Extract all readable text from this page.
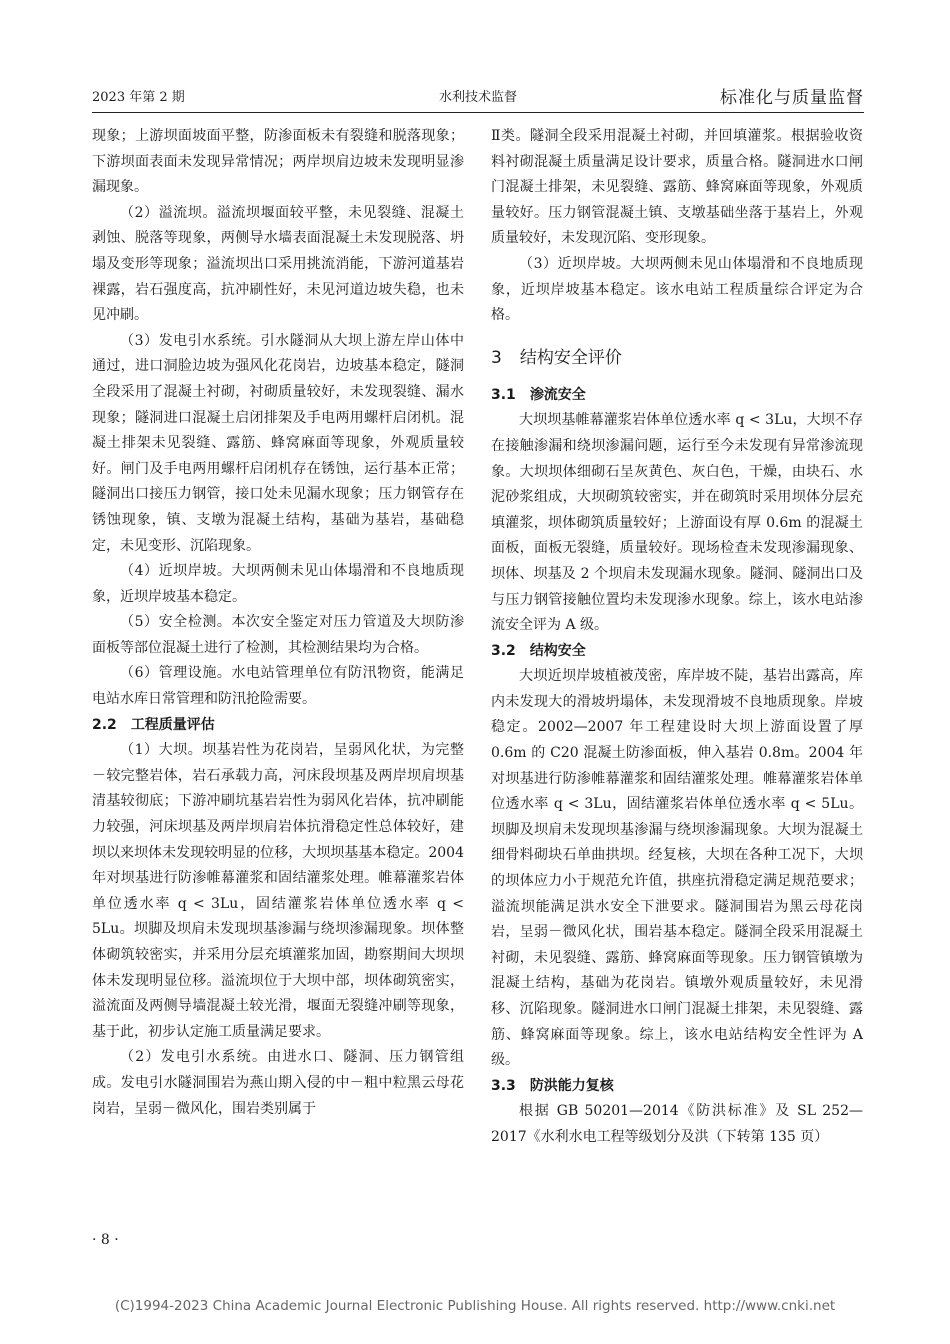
2023 年第 2 期	水利技术监督	标准化与质量监督

现象；上游坝面坡面平整，防渗面板未有裂缝和脱落现象；下游坝面表面未发现异常情况；两岸坝肩边坡未发现明显渗漏现象。

（2）溢流坝。溢流坝堰面较平整，未见裂缝、混凝土剥蚀、脱落等现象，两侧导水墙表面混凝土未发现脱落、坍塌及变形等现象；溢流坝出口采用挑流消能，下游河道基岩裸露，岩石强度高，抗冲刷性好，未见河道边坡失稳，也未见冲刷。

（3）发电引水系统。引水隧洞从大坝上游左岸山体中通过，进口洞脸边坡为强风化花岗岩，边坡基本稳定，隧洞全段采用了混凝土衬砌，衬砌质量较好，未发现裂缝、漏水现象；隧洞进口混凝土启闭排架及手电两用螺杆启闭机。混凝土排架未见裂缝、露筋、蜂窝麻面等现象，外观质量较好。闸门及手电两用螺杆启闭机存在锈蚀，运行基本正常；隧洞出口接压力钢管，接口处未见漏水现象；压力钢管存在锈蚀现象，镇、支墩为混凝土结构，基础为基岩，基础稳定，未见变形、沉陷现象。

（4）近坝岸坡。大坝两侧未见山体塌滑和不良地质现象，近坝岸坡基本稳定。

（5）安全检测。本次安全鉴定对压力管道及大坝防渗面板等部位混凝土进行了检测，其检测结果均为合格。

（6）管理设施。水电站管理单位有防汛物资，能满足电站水库日常管理和防汛抢险需要。

2.2 工程质量评估

（1）大坝。坝基岩性为花岗岩，呈弱风化状，为完整－较完整岩体，岩石承载力高，河床段坝基及两岸坝肩坝基清基较彻底；下游冲刷坑基岩岩性为弱风化岩体，抗冲刷能力较强，河床坝基及两岸坝肩岩体抗滑稳定性总体较好，建坝以来坝体未发现较明显的位移，大坝坝基基本稳定。2004 年对坝基进行防渗帷幕灌浆和固结灌浆处理。帷幕灌浆岩体单位透水率 q < 3Lu，固结灌浆岩体单位透水率 q < 5Lu。坝脚及坝肩未发现坝基渗漏与绕坝渗漏现象。坝体整体砌筑较密实，并采用分层充填灌浆加固，勘察期间大坝坝体未发现明显位移。溢流坝位于大坝中部，坝体砌筑密实，溢流面及两侧导墙混凝土较光滑，堰面无裂缝冲刷等现象，基于此，初步认定施工质量满足要求。

（2）发电引水系统。由进水口、隧洞、压力钢管组成。发电引水隧洞围岩为燕山期入侵的中－粗中粒黑云母花岗岩，呈弱－微风化，围岩类别属于

Ⅱ类。隧洞全段采用混凝土衬砌，并回填灌浆。根据验收资料衬砌混凝土质量满足设计要求，质量合格。隧洞进水口闸门混凝土排架，未见裂缝、露筋、蜂窝麻面等现象，外观质量较好。压力钢管混凝土镇、支墩基础坐落于基岩上，外观质量较好，未发现沉陷、变形现象。

（3）近坝岸坡。大坝两侧未见山体塌滑和不良地质现象，近坝岸坡基本稳定。该水电站工程质量综合评定为合格。

3 结构安全评价
3.1 渗流安全

大坝坝基帷幕灌浆岩体单位透水率 q < 3Lu，大坝不存在接触渗漏和绕坝渗漏问题，运行至今未发现有异常渗流现象。大坝坝体细砌石呈灰黄色、灰白色，干燥，由块石、水泥砂浆组成，大坝砌筑较密实，并在砌筑时采用坝体分层充填灌浆，坝体砌筑质量较好；上游面设有厚 0.6m 的混凝土面板，面板无裂缝，质量较好。现场检查未发现渗漏现象、坝体、坝基及 2 个坝肩未发现漏水现象。隧洞、隧洞出口及与压力钢管接触位置均未发现渗水现象。综上，该水电站渗流安全评为 A 级。

3.2 结构安全

大坝近坝岸坡植被茂密，库岸坡不陡，基岩出露高，库内未发现大的滑坡坍塌体，未发现滑坡不良地质现象。岸坡稳定。2002—2007 年工程建设时大坝上游面设置了厚 0.6m 的 C20 混凝土防渗面板，伸入基岩 0.8m。2004 年对坝基进行防渗帷幕灌浆和固结灌浆处理。帷幕灌浆岩体单位透水率 q < 3Lu，固结灌浆岩体单位透水率 q < 5Lu。坝脚及坝肩未发现坝基渗漏与绕坝渗漏现象。大坝为混凝土细骨料砌块石单曲拱坝。经复核，大坝在各种工况下，大坝的坝体应力小于规范允许值，拱座抗滑稳定满足规范要求；溢流坝能满足洪水安全下泄要求。隧洞围岩为黑云母花岗岩，呈弱－微风化状，围岩基本稳定。隧洞全段采用混凝土衬砌，未见裂缝、露筋、蜂窝麻面等现象。压力钢管镇墩为混凝土结构，基础为花岗岩。镇墩外观质量较好，未见滑移、沉陷现象。隧洞进水口闸门混凝土排架，未见裂缝、露筋、蜂窝麻面等现象。综上，该水电站结构安全性评为 A 级。

3.3 防洪能力复核

根据 GB 50201—2014《防洪标准》及 SL 252—2017《水利水电工程等级划分及洪（下转第 135 页）

· 8 ·
(C)1994-2023 China Academic Journal Electronic Publishing House. All rights reserved. http://www.cnki.net
